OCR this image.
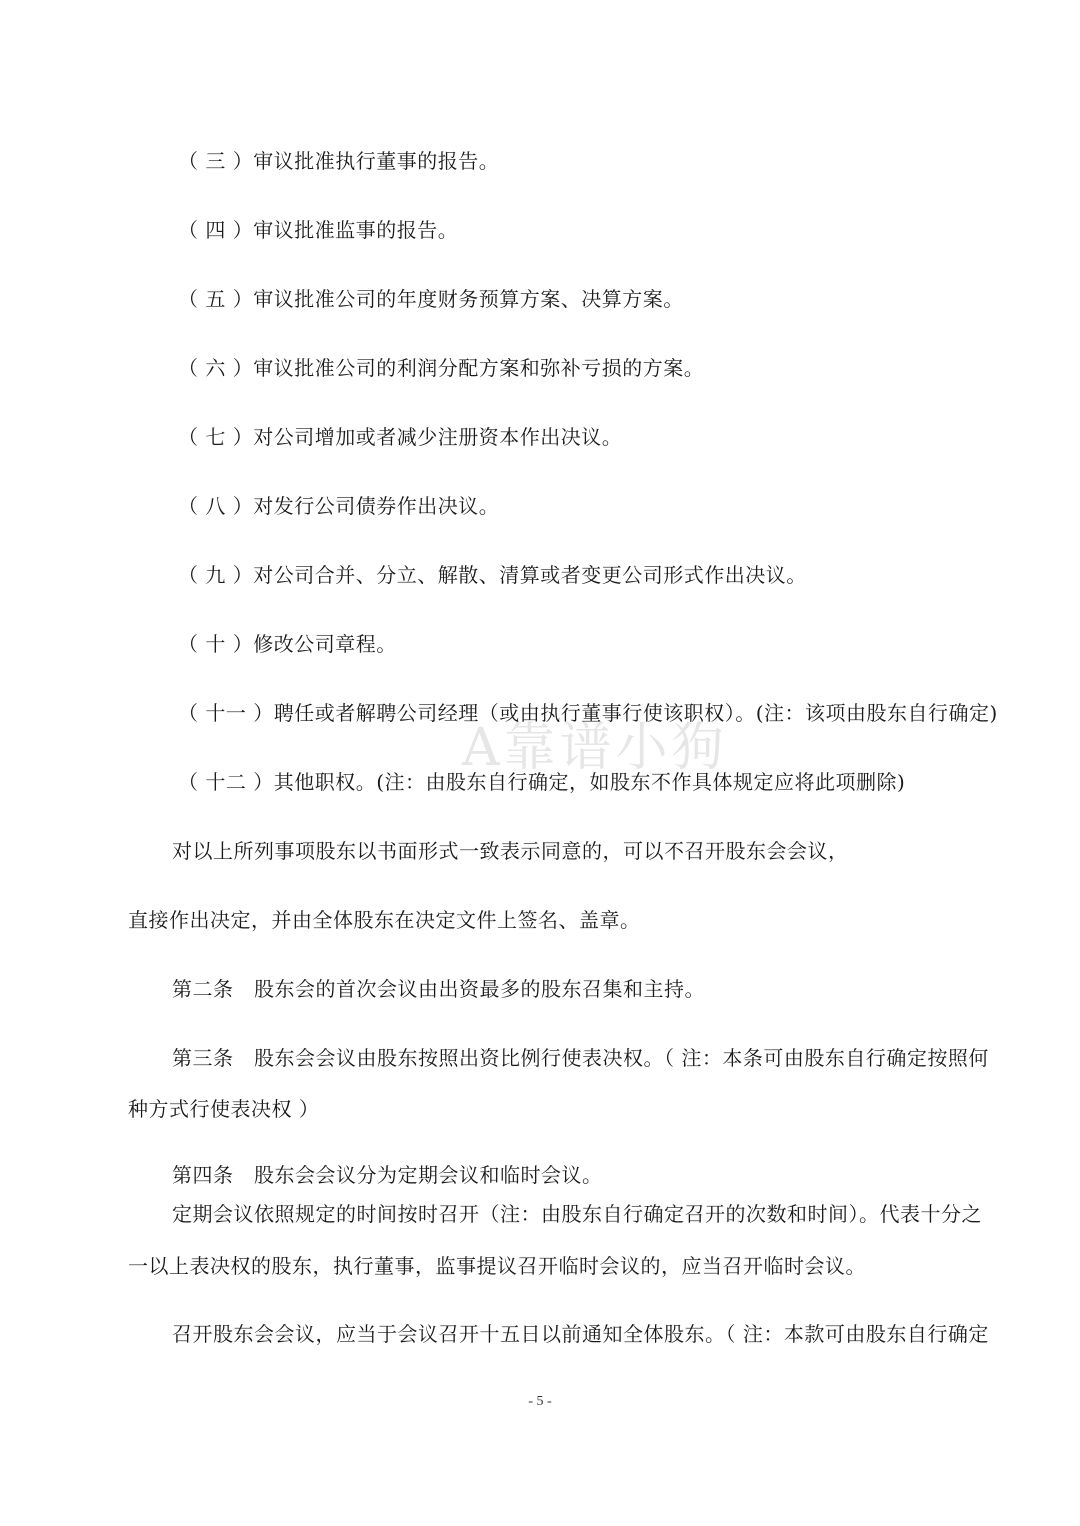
A靠谱小狗
（ 三 ）审议批准执行董事的报告。
（ 四 ）审议批准监事的报告。
（ 五 ）审议批准公司的年度财务预算方案、决算方案。
（ 六 ）审议批准公司的利润分配方案和弥补亏损的方案。
（ 七 ）对公司增加或者减少注册资本作出决议。
（ 八 ）对发行公司债券作出决议。
（ 九 ）对公司合并、分立、解散、清算或者变更公司形式作出决议。
（ 十 ）修改公司章程。
（ 十一 ）聘任或者解聘公司经理（或由执行董事行使该职权）。(注：该项由股东自行确定)
（ 十二 ）其他职权。(注：由股东自行确定，如股东不作具体规定应将此项删除)
对以上所列事项股东以书面形式一致表示同意的，可以不召开股东会会议，
直接作出决定，并由全体股东在决定文件上签名、盖章。
第二条　股东会的首次会议由出资最多的股东召集和主持。
第三条　股东会会议由股东按照出资比例行使表决权。（ 注：本条可由股东自行确定按照何
种方式行使表决权 ）
第四条　股东会会议分为定期会议和临时会议。
定期会议依照规定的时间按时召开（注：由股东自行确定召开的次数和时间）。代表十分之
一以上表决权的股东，执行董事，监事提议召开临时会议的，应当召开临时会议。
召开股东会会议，应当于会议召开十五日以前通知全体股东。（ 注：本款可由股东自行确定
- 5 -
